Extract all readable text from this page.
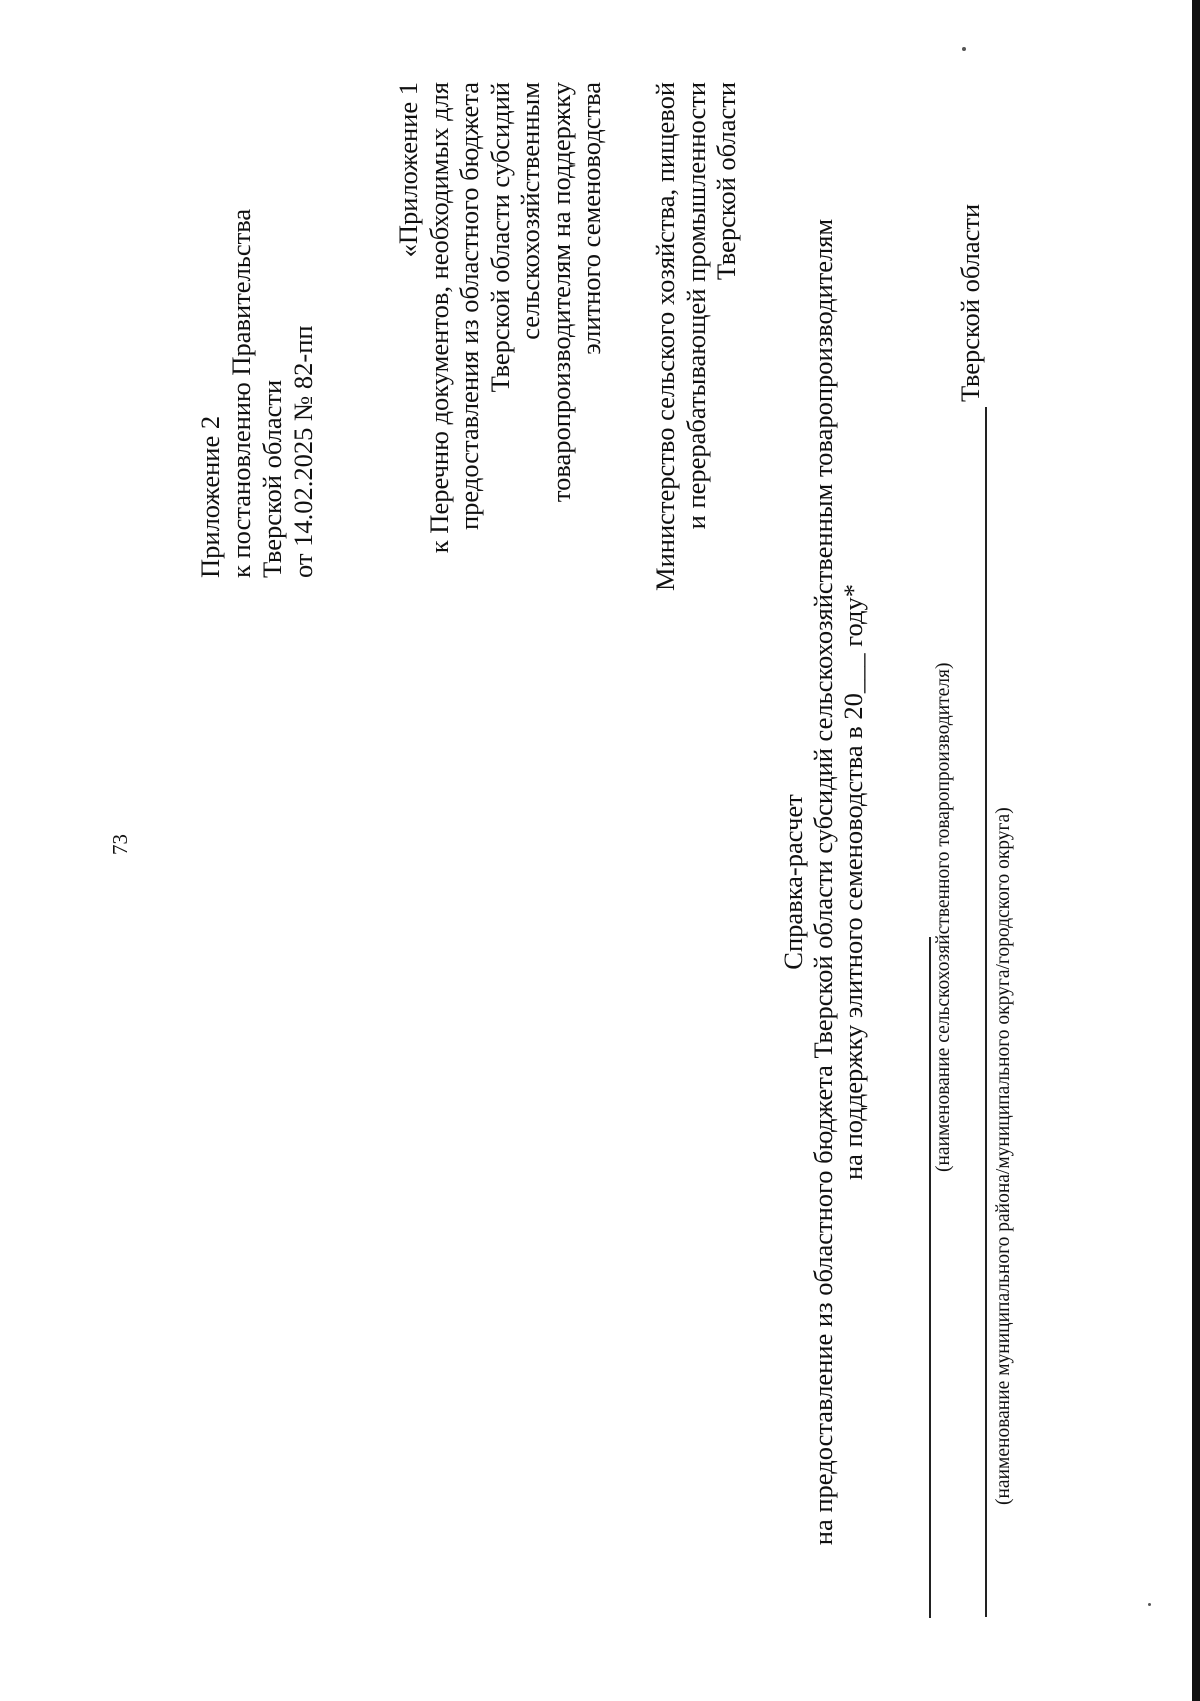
73
Приложение 2 к постановлению Правительства Тверской области от 14.02.2025 № 82-пп
«Приложение 1 к Перечню документов, необходимых для предоставления из областного бюджета Тверской области субсидий сельскохозяйственным товаропроизводителям на поддержку элитного семеноводства Министерство сельского хозяйства, пищевой и перерабатывающей промышленности Тверской области
Справка-расчет на предоставление из областного бюджета Тверской области субсидий сельскохозяйственным товаропроизводителям на поддержку элитного семеноводства в 20___ году*	(наименование сельскохозяйственного товаропроизводителя)
Тверской области
(наименование муниципального района/муниципального округа/городского округа)
